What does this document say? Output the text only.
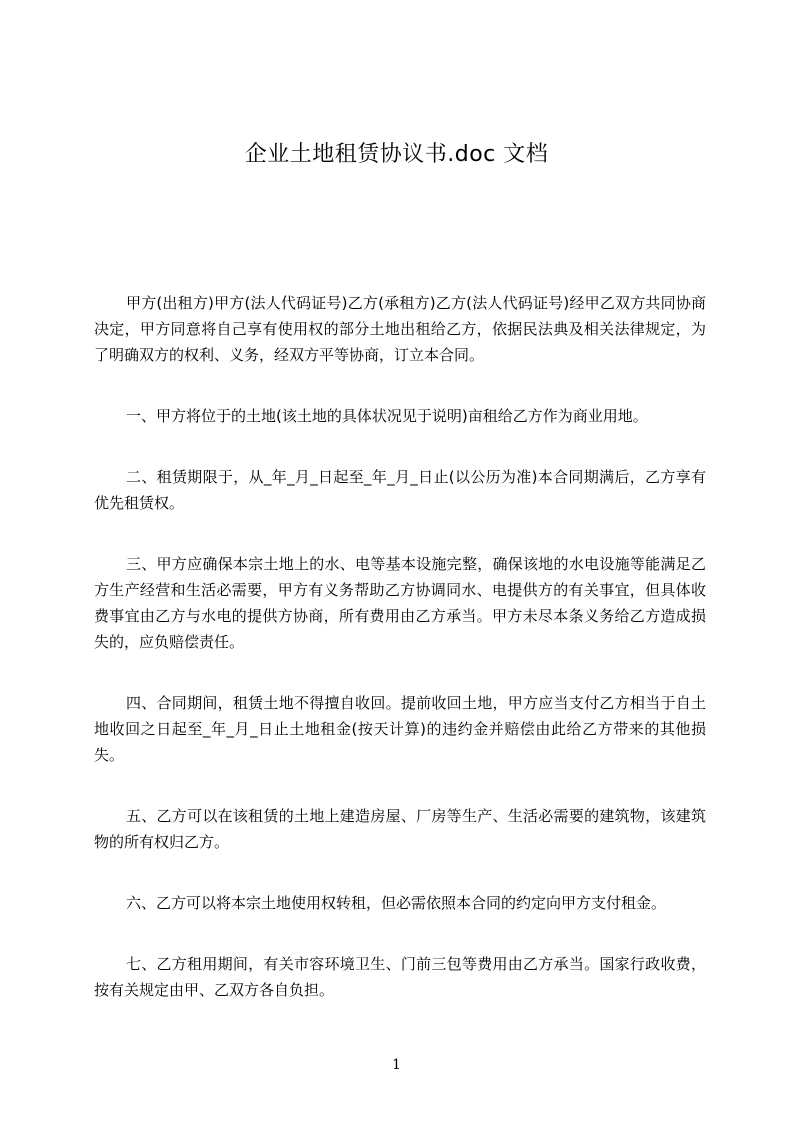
企业土地租赁协议书.doc 文档

甲方(出租方)甲方(法人代码证号)乙方(承租方)乙方(法人代码证号)经甲乙双方共同协商决定，甲方同意将自己享有使用权的部分土地出租给乙方，依据民法典及相关法律规定，为了明确双方的权利、义务，经双方平等协商，订立本合同。

一、甲方将位于的土地(该土地的具体状况见于说明)亩租给乙方作为商业用地。

二、租赁期限于，从_年_月_日起至_年_月_日止(以公历为准)本合同期满后，乙方享有优先租赁权。

三、甲方应确保本宗土地上的水、电等基本设施完整，确保该地的水电设施等能满足乙方生产经营和生活必需要，甲方有义务帮助乙方协调同水、电提供方的有关事宜，但具体收费事宜由乙方与水电的提供方协商，所有费用由乙方承当。甲方未尽本条义务给乙方造成损失的，应负赔偿责任。

四、合同期间，租赁土地不得擅自收回。提前收回土地，甲方应当支付乙方相当于自土地收回之日起至_年_月_日止土地租金(按天计算)的违约金并赔偿由此给乙方带来的其他损失。

五、乙方可以在该租赁的土地上建造房屋、厂房等生产、生活必需要的建筑物，该建筑物的所有权归乙方。

六、乙方可以将本宗土地使用权转租，但必需依照本合同的约定向甲方支付租金。

七、乙方租用期间，有关市容环境卫生、门前三包等费用由乙方承当。国家行政收费，按有关规定由甲、乙双方各自负担。

1
